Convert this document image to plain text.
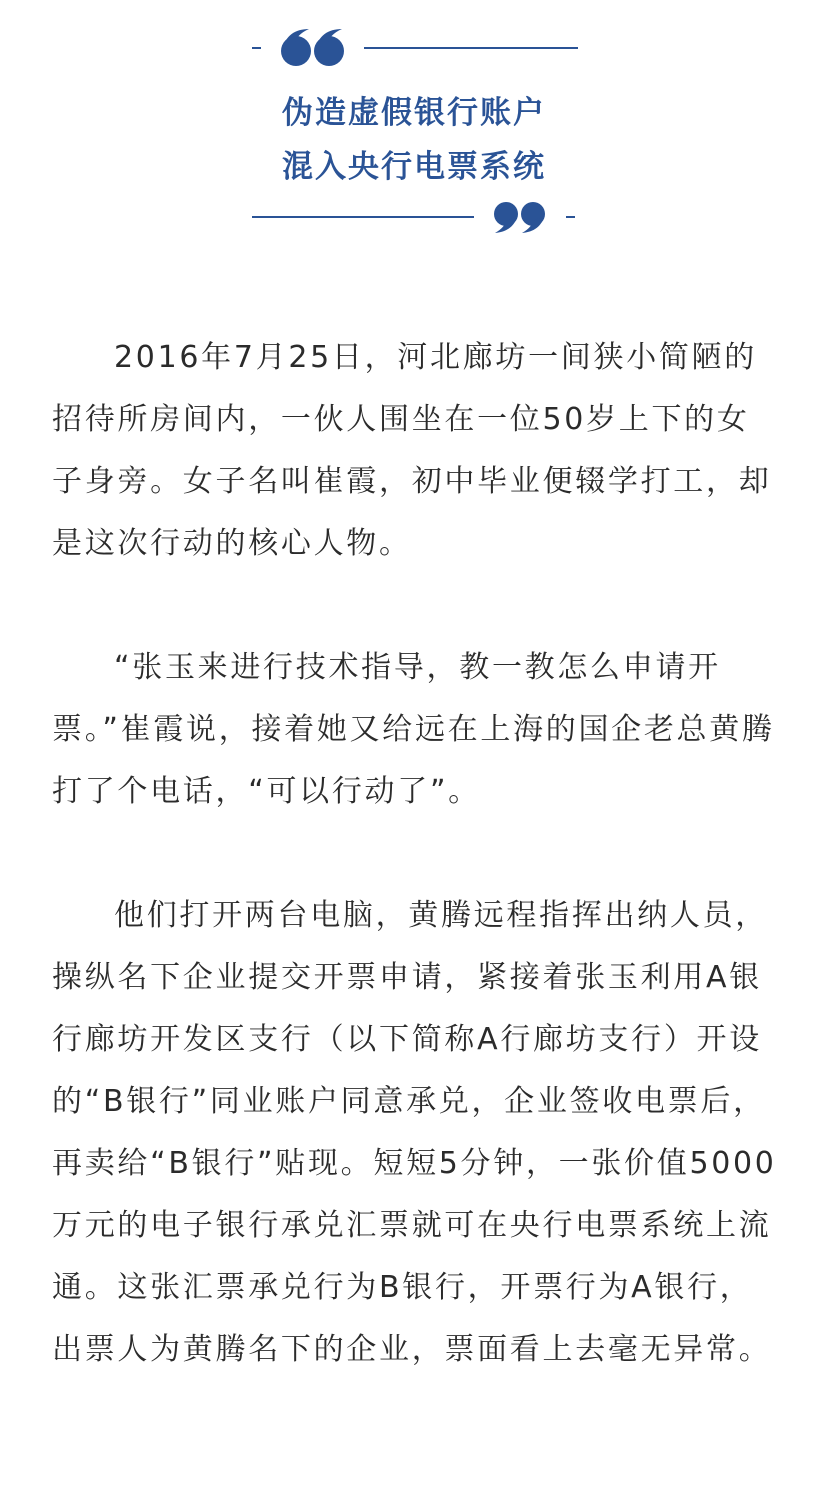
伪造虚假银行账户
混入央行电票系统

2016年7月25日，河北廊坊一间狭小简陋的招待所房间内，一伙人围坐在一位50岁上下的女子身旁。女子名叫崔霞，初中毕业便辍学打工，却是这次行动的核心人物。

“张玉来进行技术指导，教一教怎么申请开票。”崔霞说，接着她又给远在上海的国企老总黄腾打了个电话，“可以行动了”。

他们打开两台电脑，黄腾远程指挥出纳人员，操纵名下企业提交开票申请，紧接着张玉利用A银行廊坊开发区支行（以下简称A行廊坊支行）开设的“B银行”同业账户同意承兑，企业签收电票后，再卖给“B银行”贴现。短短5分钟，一张价值5000万元的电子银行承兑汇票就可在央行电票系统上流通。这张汇票承兑行为B银行，开票行为A银行，出票人为黄腾名下的企业，票面看上去毫无异常。
